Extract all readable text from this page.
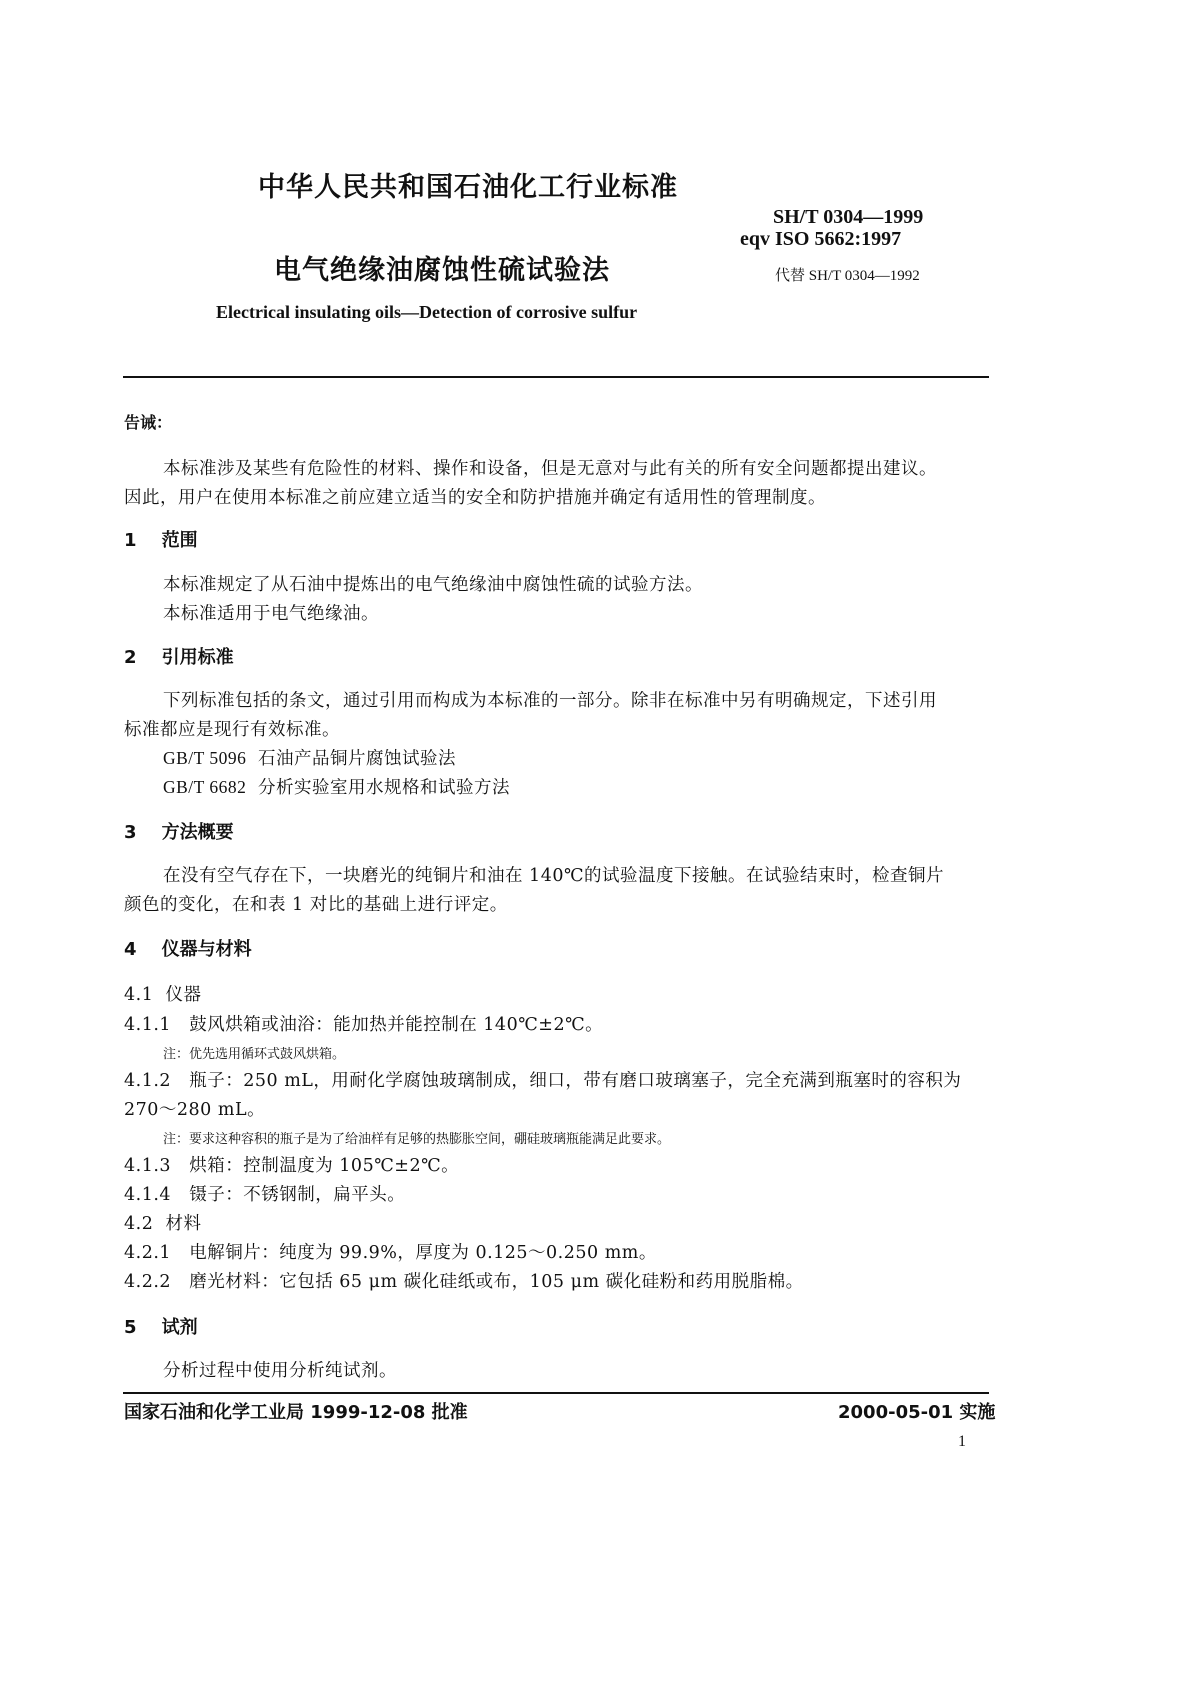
中华人民共和国石油化工行业标准
SH/T 0304—1999
eqv ISO 5662:1997
电气绝缘油腐蚀性硫试验法	代替 SH/T 0304—1992
Electrical insulating oils—Detection of corrosive sulfur
告诫：
本标准涉及某些有危险性的材料、操作和设备，但是无意对与此有关的所有安全问题都提出建议。
因此，用户在使用本标准之前应建立适当的安全和防护措施并确定有适用性的管理制度。
1 范围
本标准规定了从石油中提炼出的电气绝缘油中腐蚀性硫的试验方法。
本标准适用于电气绝缘油。
2 引用标准
下列标准包括的条文，通过引用而构成为本标准的一部分。除非在标准中另有明确规定，下述引用
标准都应是现行有效标准。
GB/T 5096 石油产品铜片腐蚀试验法
GB/T 6682 分析实验室用水规格和试验方法
3 方法概要
在没有空气存在下，一块磨光的纯铜片和油在 140℃的试验温度下接触。在试验结束时，检查铜片
颜色的变化，在和表 1 对比的基础上进行评定。
4 仪器与材料
4.1 仪器
4.1.1 鼓风烘箱或油浴：能加热并能控制在 140℃±2℃。
注：优先选用循环式鼓风烘箱。
4.1.2 瓶子：250 mL，用耐化学腐蚀玻璃制成，细口，带有磨口玻璃塞子，完全充满到瓶塞时的容积为
270～280 mL。
注：要求这种容积的瓶子是为了给油样有足够的热膨胀空间，硼硅玻璃瓶能满足此要求。
4.1.3 烘箱：控制温度为 105℃±2℃。
4.1.4 镊子：不锈钢制，扁平头。
4.2 材料
4.2.1 电解铜片：纯度为 99.9%，厚度为 0.125～0.250 mm。
4.2.2 磨光材料：它包括 65 μm 碳化硅纸或布，105 μm 碳化硅粉和药用脱脂棉。
5 试剂
分析过程中使用分析纯试剂。
国家石油和化学工业局 1999-12-08 批准	2000-05-01 实施
1
